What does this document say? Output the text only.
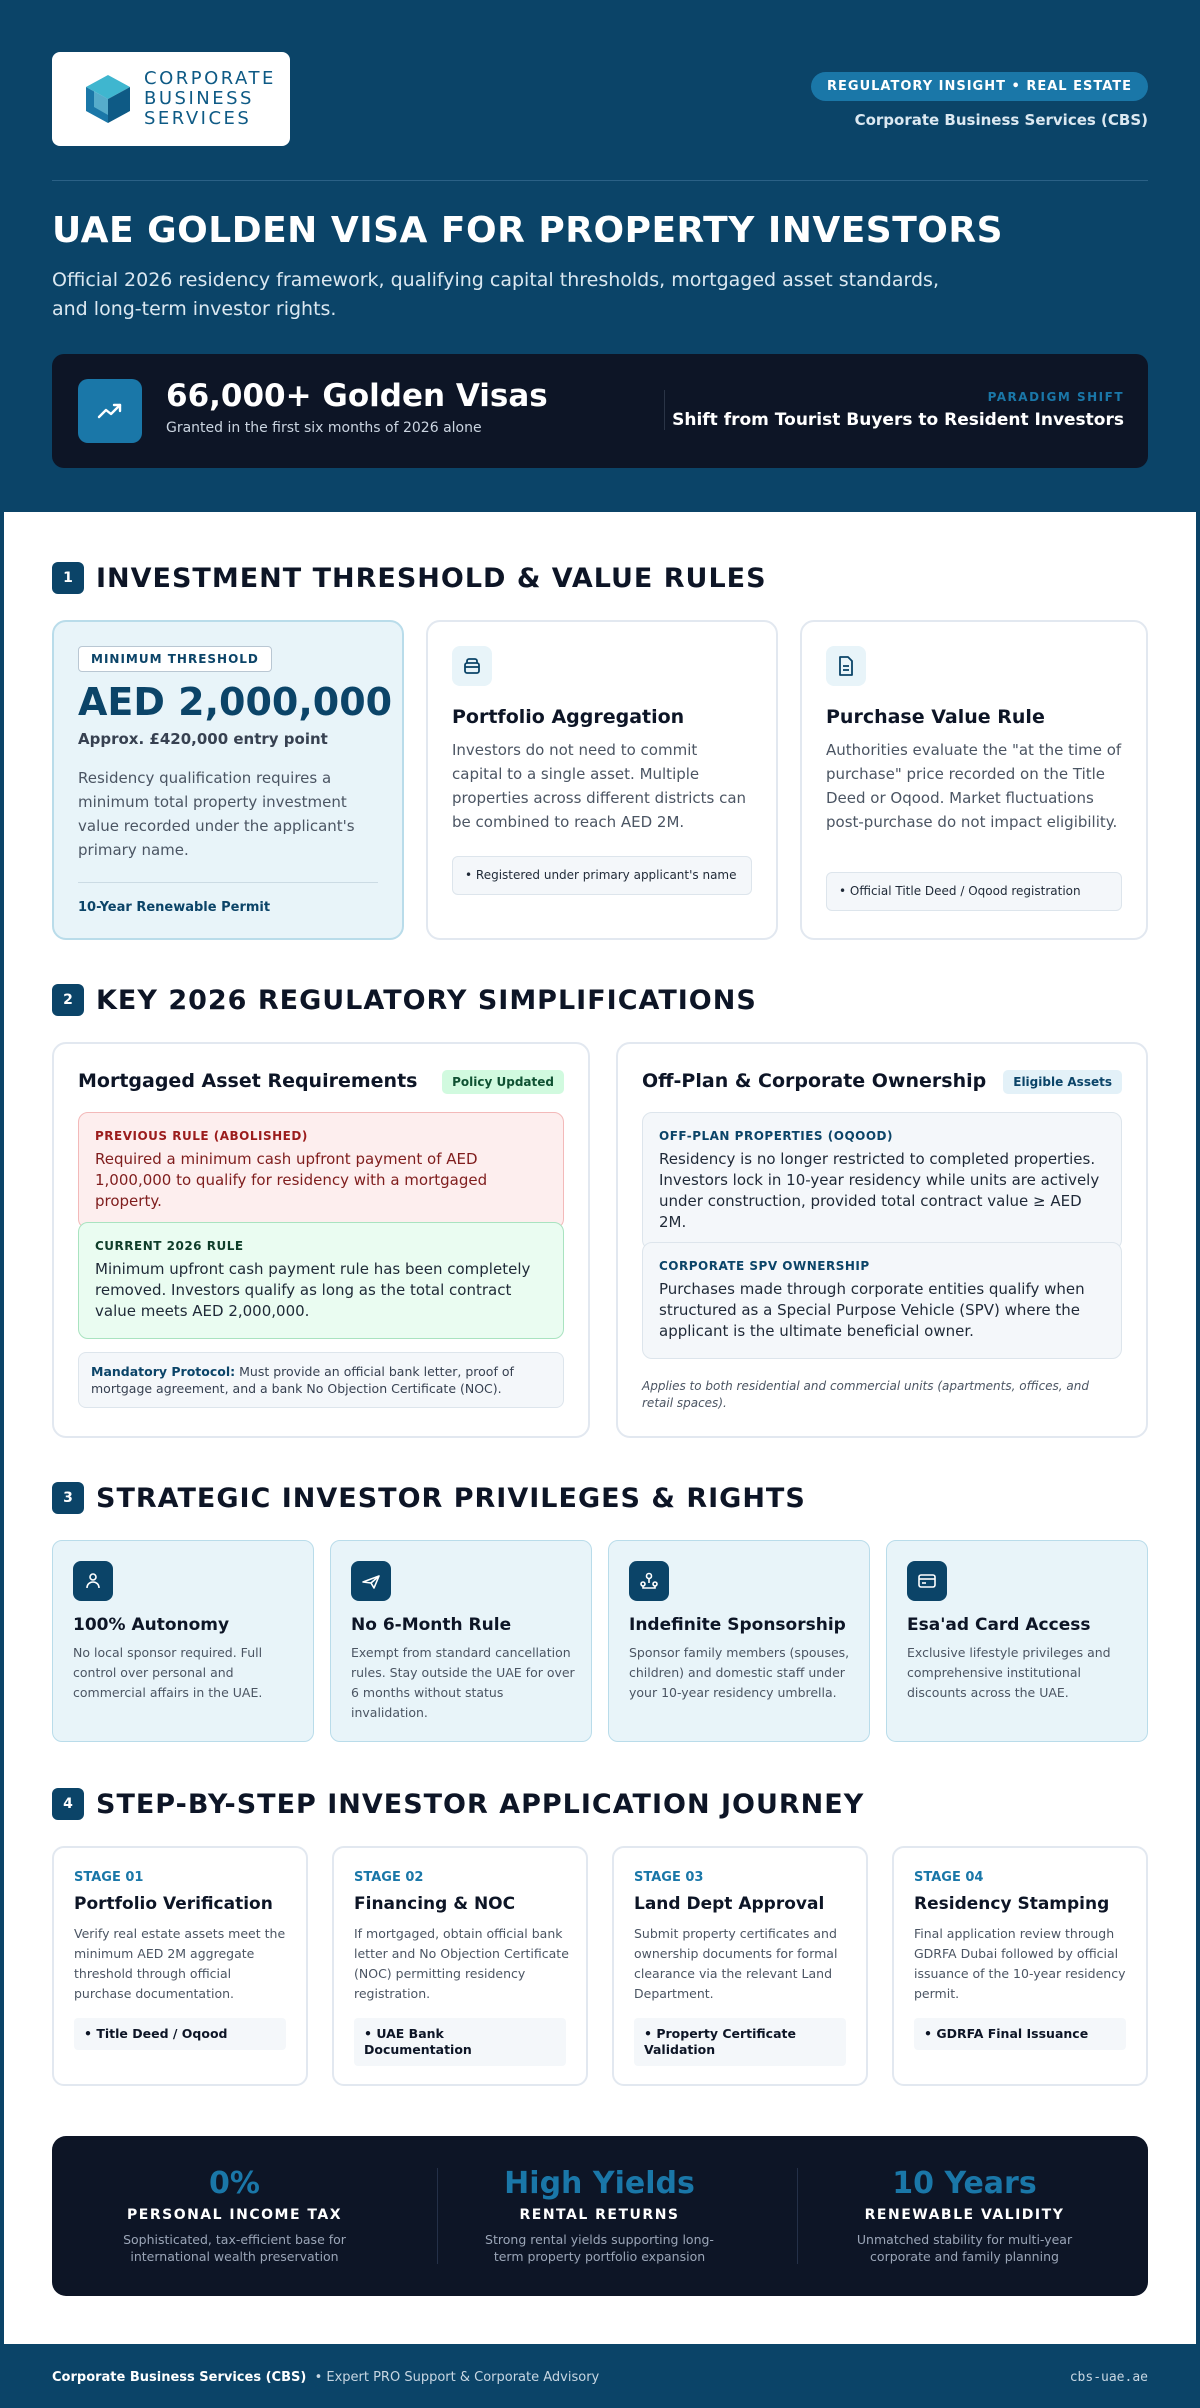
CORPORATE
BUSINESS
SERVICES
REGULATORY INSIGHT • REAL ESTATE
Corporate Business Services (CBS)
UAE GOLDEN VISA FOR PROPERTY INVESTORS
Official 2026 residency framework, qualifying capital thresholds, mortgaged asset standards, and long-term investor rights.
66,000+ Golden Visas
Granted in the first six months of 2026 alone
PARADIGM SHIFT
Shift from Tourist Buyers to Resident Investors
1 INVESTMENT THRESHOLD & VALUE RULES
MINIMUM THRESHOLD
AED 2,000,000
Approx. £420,000 entry point
Residency qualification requires a minimum total property investment value recorded under the applicant's primary name.
10-Year Renewable Permit
Portfolio Aggregation
Investors do not need to commit capital to a single asset. Multiple properties across different districts can be combined to reach AED 2M.
• Registered under primary applicant's name
Purchase Value Rule
Authorities evaluate the "at the time of purchase" price recorded on the Title Deed or Oqood. Market fluctuations post-purchase do not impact eligibility.
• Official Title Deed / Oqood registration
2 KEY 2026 REGULATORY SIMPLIFICATIONS
Mortgaged Asset Requirements	Policy Updated
PREVIOUS RULE (ABOLISHED)
Required a minimum cash upfront payment of AED 1,000,000 to qualify for residency with a mortgaged property.
CURRENT 2026 RULE
Minimum upfront cash payment rule has been completely removed. Investors qualify as long as the total contract value meets AED 2,000,000.
Mandatory Protocol: Must provide an official bank letter, proof of mortgage agreement, and a bank No Objection Certificate (NOC).
Off-Plan & Corporate Ownership	Eligible Assets
OFF-PLAN PROPERTIES (OQOOD)
Residency is no longer restricted to completed properties. Investors lock in 10-year residency while units are actively under construction, provided total contract value ≥ AED 2M.
CORPORATE SPV OWNERSHIP
Purchases made through corporate entities qualify when structured as a Special Purpose Vehicle (SPV) where the applicant is the ultimate beneficial owner.
Applies to both residential and commercial units (apartments, offices, and retail spaces).
3 STRATEGIC INVESTOR PRIVILEGES & RIGHTS
100% Autonomy
No local sponsor required. Full control over personal and commercial affairs in the UAE.
No 6-Month Rule
Exempt from standard cancellation rules. Stay outside the UAE for over 6 months without status invalidation.
Indefinite Sponsorship
Sponsor family members (spouses, children) and domestic staff under your 10-year residency umbrella.
Esa'ad Card Access
Exclusive lifestyle privileges and comprehensive institutional discounts across the UAE.
4 STEP-BY-STEP INVESTOR APPLICATION JOURNEY
STAGE 01
Portfolio Verification
Verify real estate assets meet the minimum AED 2M aggregate threshold through official purchase documentation.
• Title Deed / Oqood
STAGE 02
Financing & NOC
If mortgaged, obtain official bank letter and No Objection Certificate (NOC) permitting residency registration.
• UAE Bank Documentation
STAGE 03
Land Dept Approval
Submit property certificates and ownership documents for formal clearance via the relevant Land Department.
• Property Certificate Validation
STAGE 04
Residency Stamping
Final application review through GDRFA Dubai followed by official issuance of the 10-year residency permit.
• GDRFA Final Issuance
0%
PERSONAL INCOME TAX
Sophisticated, tax-efficient base for international wealth preservation
High Yields
RENTAL RETURNS
Strong rental yields supporting long-term property portfolio expansion
10 Years
RENEWABLE VALIDITY
Unmatched stability for multi-year corporate and family planning
Corporate Business Services (CBS) • Expert PRO Support & Corporate Advisory	cbs-uae.ae
